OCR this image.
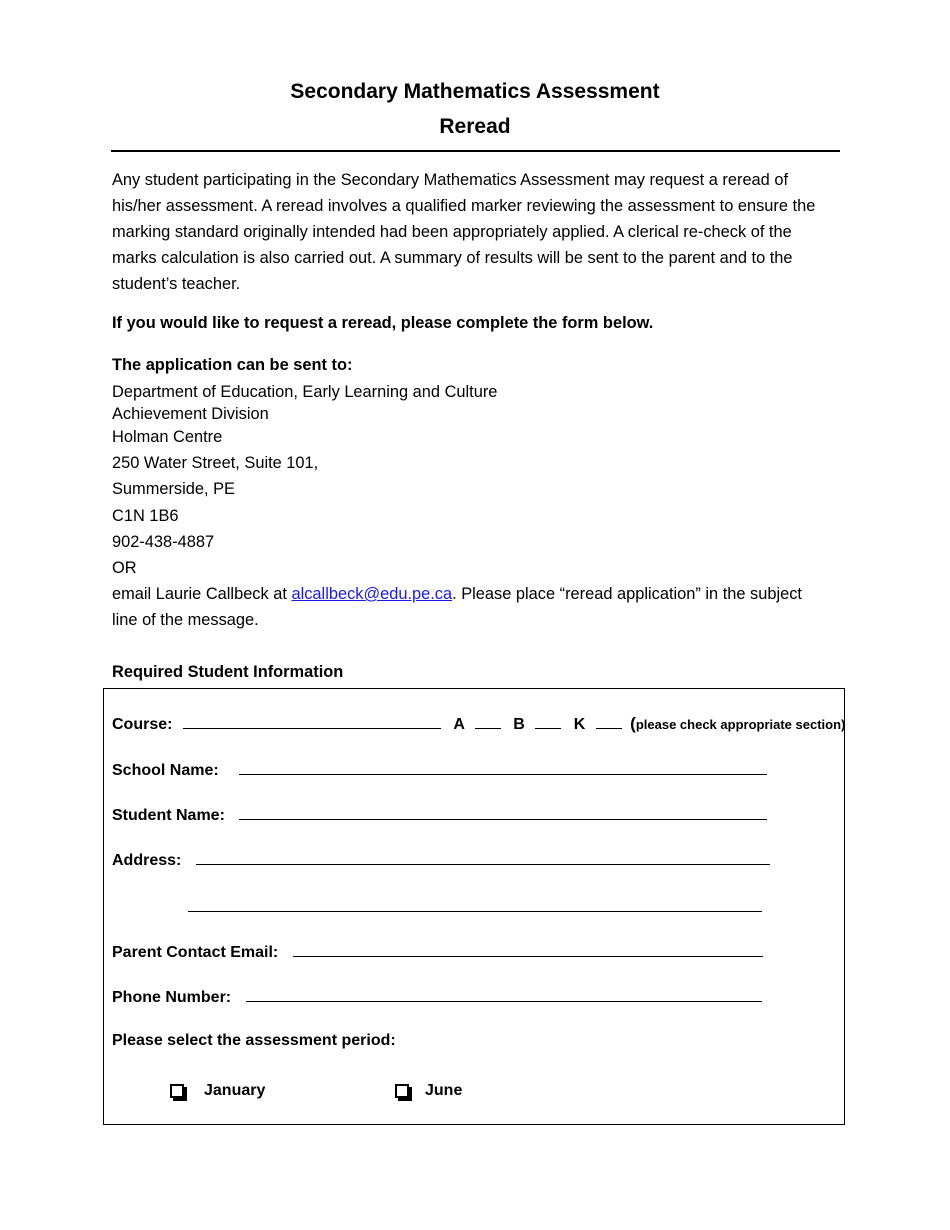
Secondary Mathematics Assessment
Reread

Any student participating in the Secondary Mathematics Assessment may request a reread of his/her assessment. A reread involves a qualified marker reviewing the assessment to ensure the marking standard originally intended had been appropriately applied. A clerical re-check of the marks calculation is also carried out. A summary of results will be sent to the parent and to the student’s teacher.

If you would like to request a reread, please complete the form below.
The application can be sent to:
Department of Education, Early Learning and Culture
Achievement Division
Holman Centre
250 Water Street, Suite 101,
Summerside, PE
C1N 1B6
902-438-4887
OR
email Laurie Callbeck at alcallbeck@edu.pe.ca. Please place “reread application” in the subject
line of the message.
Required Student Information
Course:	A	B	K	(please check appropriate section)
School Name:
Student Name:
Address:
Parent Contact Email:
Phone Number:
Please select the assessment period:
January	June
